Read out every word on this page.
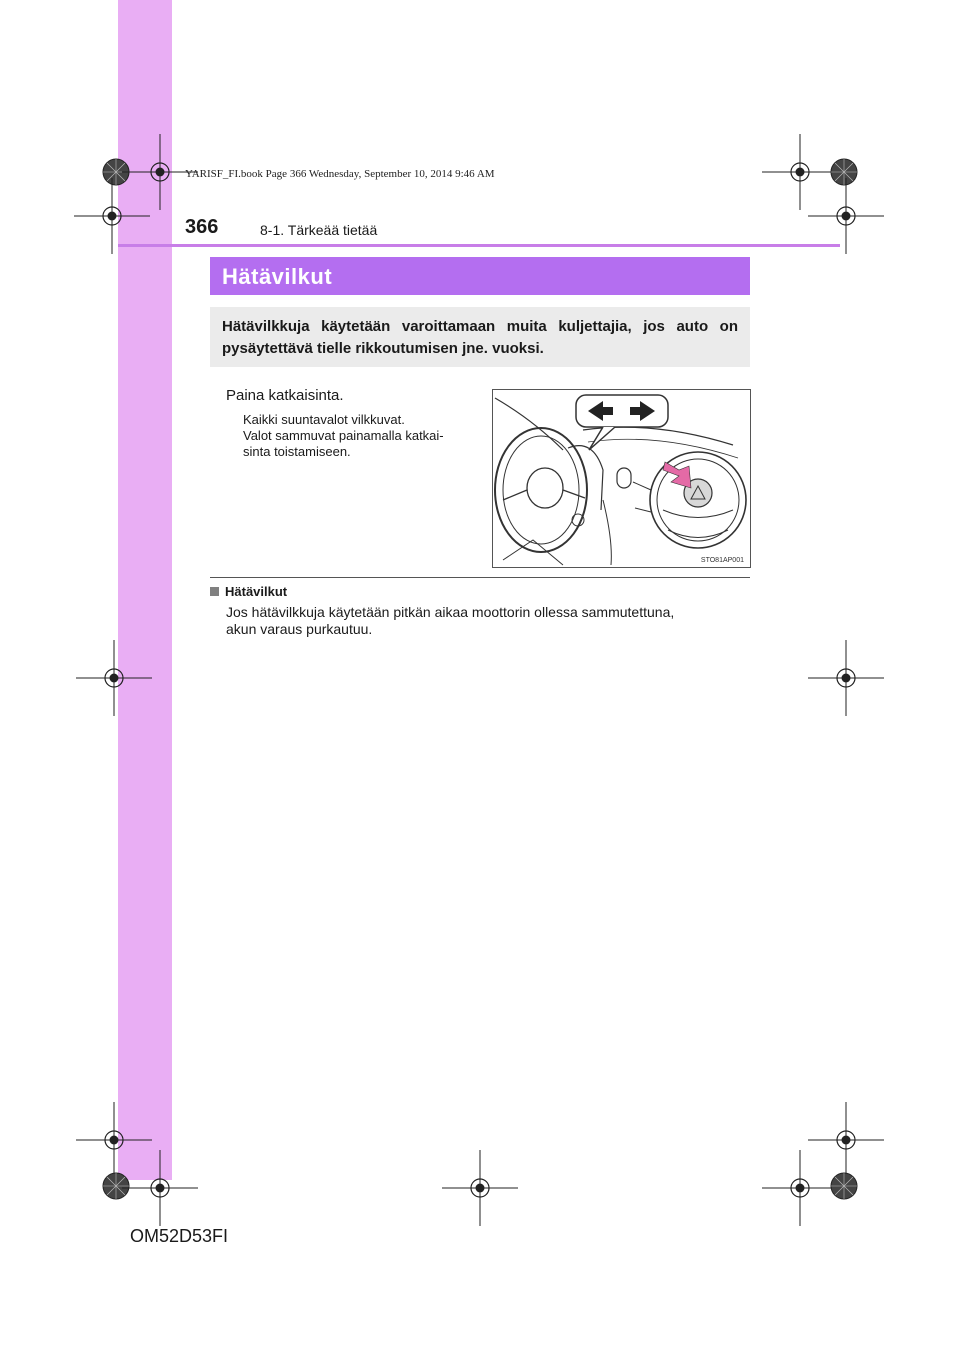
YARISF_FI.book Page 366 Wednesday, September 10, 2014 9:46 AM
366	8-1. Tärkeää tietää
Hätävilkut
Hätävilkkuja käytetään varoittamaan muita kuljettajia, jos auto on pysäytettävä tielle rikkoutumisen jne. vuoksi.
Paina katkaisinta.
Kaikki suuntavalot vilkkuvat.
Valot sammuvat painamalla katkai-
sinta toistamiseen.
STO81AP001
Hätävilkut
Jos hätävilkkuja käytetään pitkän aikaa moottorin ollessa sammutettuna,
akun varaus purkautuu.
OM52D53FI
